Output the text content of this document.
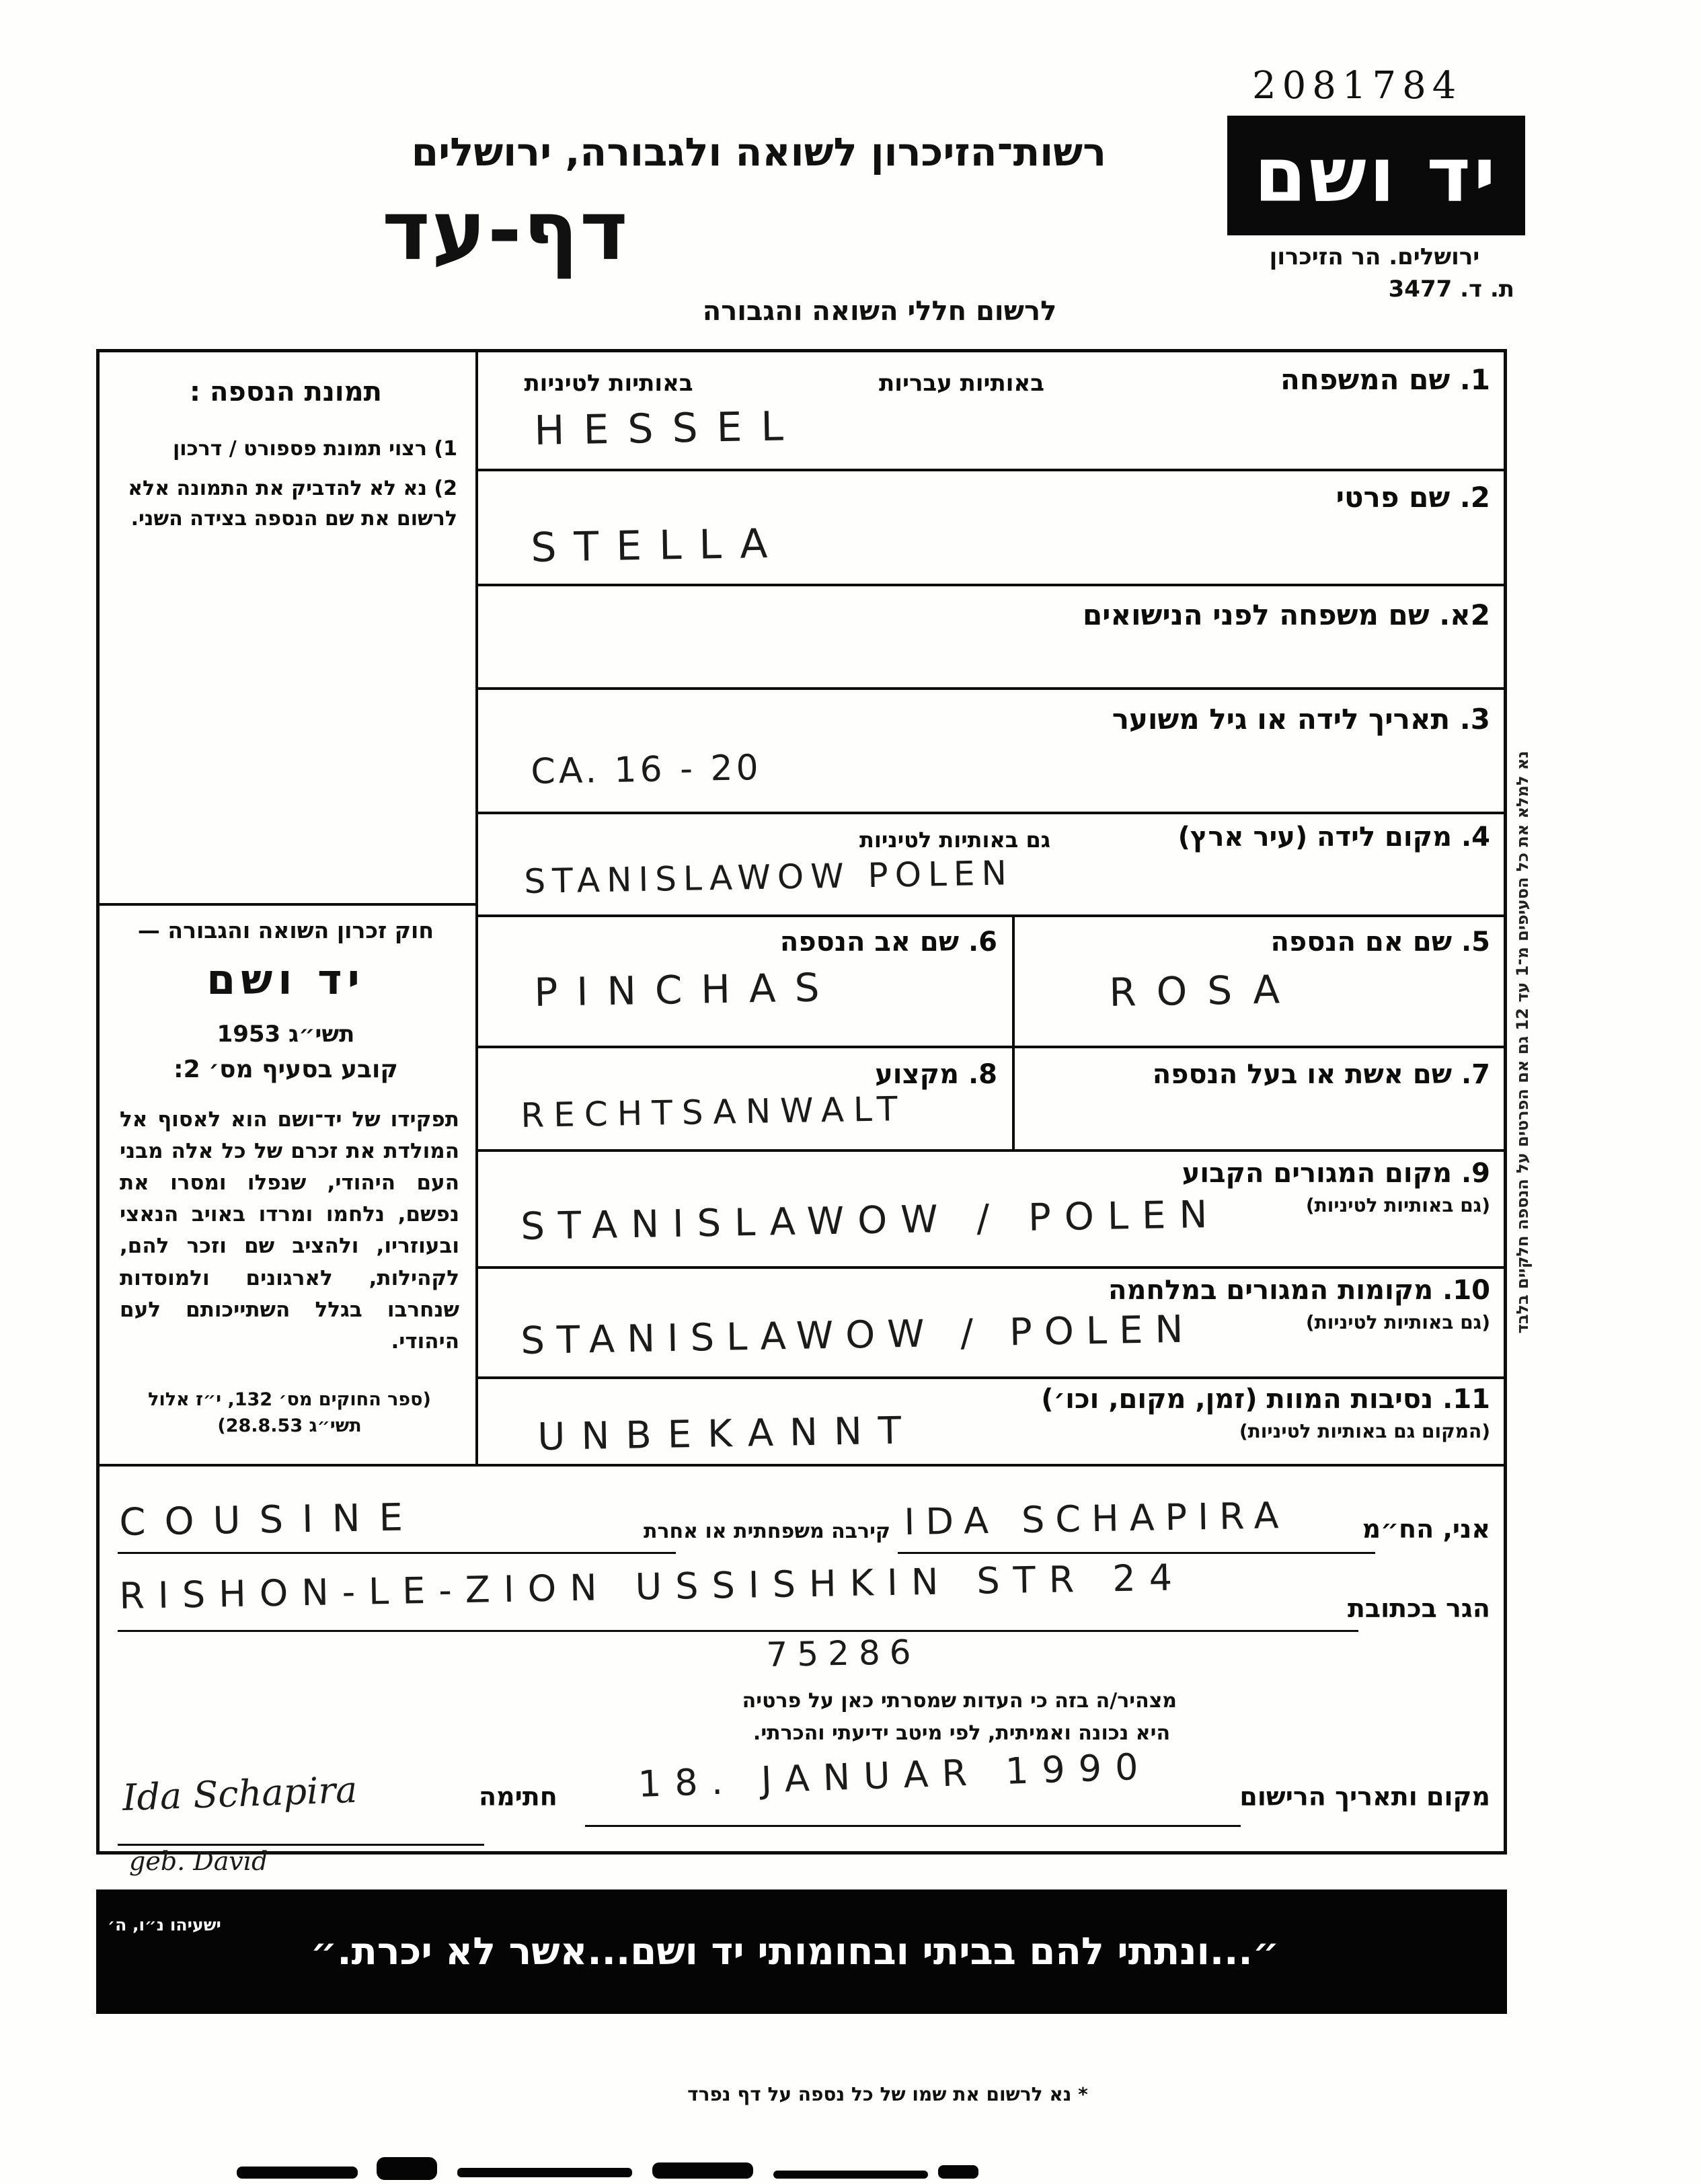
2081784
רשות־הזיכרון לשואה ולגבורה, ירושלים
דף-עד
לרשום חללי השואה והגבורה
יד ושם
ירושלים. הר הזיכרון
ת. ד. 3477
תמונת הנספה :
1) רצוי תמונת פספורט / דרכון
2) נא לא להדביק את התמונה אלא לרשום את שם הנספה בצידה השני.
חוק זכרון השואה והגבורה —
יד ושם
תשי״ג 1953
קובע בסעיף מס׳ 2:
תפקידו של יד־ושם הוא לאסוף אל המולדת את זכרם של כל אלה מבני העם היהודי, שנפלו ומסרו את נפשם, נלחמו ומרדו באויב הנאצי ובעוזריו, ולהציב שם וזכר להם, לקהילות, לארגונים ולמוסדות שנחרבו בגלל השתייכותם לעם היהודי.
(ספר החוקים מס׳ 132, י״ז אלול תשי״ג 28.8.53)
1. שם המשפחה
באותיות עבריות
באותיות לטיניות
HESSEL
2. שם פרטי
STELLA
2א. שם משפחה לפני הנישואים
3. תאריך לידה או גיל משוער
CA. 16 - 20
4. מקום לידה (עיר ארץ)
גם באותיות לטיניות
STANISLAWOW POLEN
5. שם אם הנספה
ROSA
6. שם אב הנספה
PINCHAS
7. שם אשת או בעל הנספה
8. מקצוע
RECHTSANWALT
9. מקום המגורים הקבוע
(גם באותיות לטיניות)
STANISLAWOW / POLEN
10. מקומות המגורים במלחמה
(גם באותיות לטיניות)
STANISLAWOW / POLEN
11. נסיבות המוות (זמן, מקום, וכו׳)
(המקום גם באותיות לטיניות)
UNBEKANNT
אני, הח״מ
IDA SCHAPIRA
קירבה משפחתית או אחרת
COUSINE
הגר בכתובת
RISHON-LE-ZION USSISHKIN STR 24
75286
מצהיר/ה בזה כי העדות שמסרתי כאן על פרטיה
היא נכונה ואמיתית, לפי מיטב ידיעתי והכרתי.
מקום ותאריך הרישום
18. JANUAR 1990
חתימה
Ida Schapira
geb. David
״...ונתתי להם בביתי ובחומותי יד ושם...אשר לא יכרת.״
ישעיהו נ״ו, ה׳
* נא לרשום את שמו של כל נספה על דף נפרד
נא למלא את כל הסעיפים מ־1 עד 12 גם אם הפרטים על הנספה חלקיים בלבד
